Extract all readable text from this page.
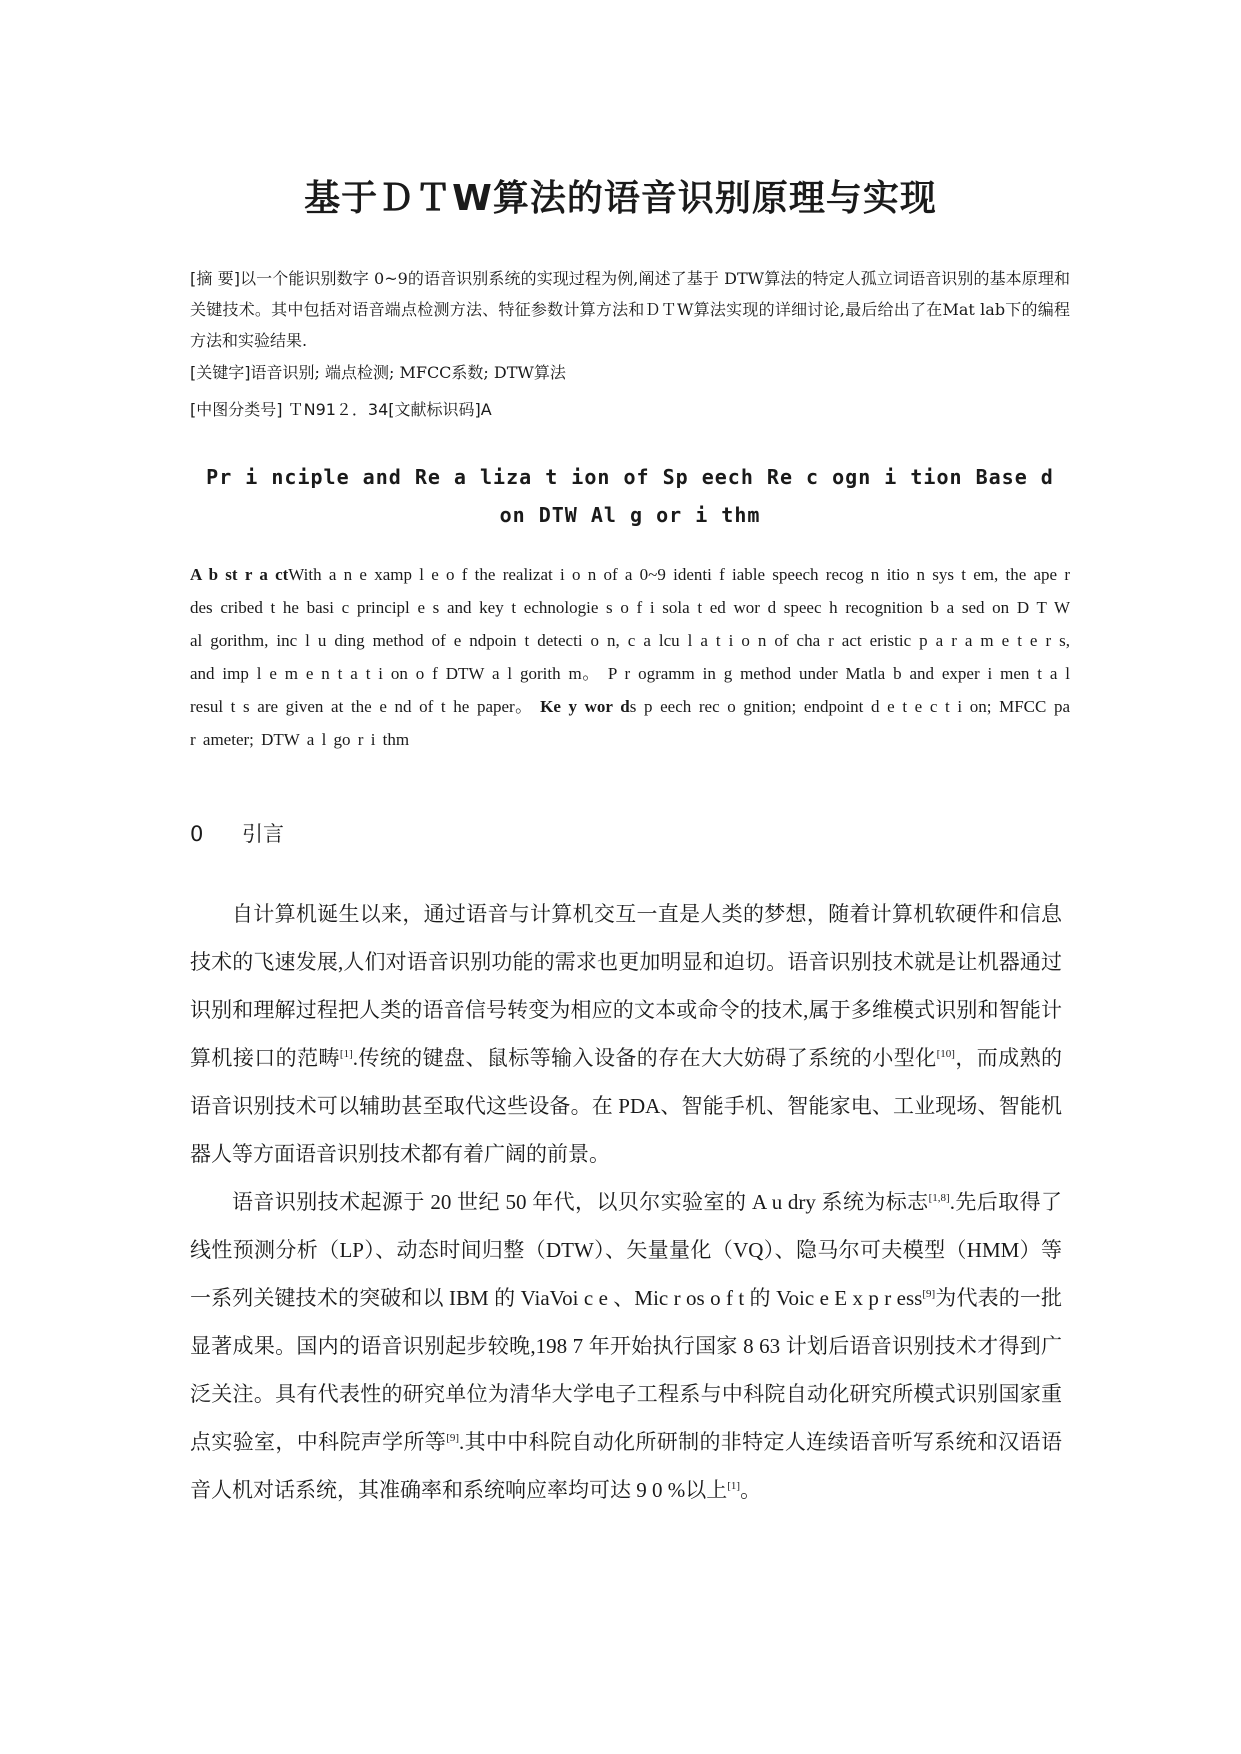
基于ＤＴW算法的语音识别原理与实现
[摘 要]以一个能识别数字 0~9的语音识别系统的实现过程为例,阐述了基于 DTW算法的特定人孤立词语音识别的基本原理和关键技术。其中包括对语音端点检测方法、特征参数计算方法和ＤＴW算法实现的详细讨论,最后给出了在Mat lab下的编程方法和实验结果.
[关键字]语音识别; 端点检测; MFCC系数; DTW算法
[中图分类号] ＴN91２．34[文献标识码]A
Pr i nciple and Re a liza t ion of Sp eech Re c ogn i tion Base d on DTW Al g or i thm
A b st r a ctWith a n e xamp l e o f the realizat i o n of a 0~9 identi f iable speech recog n itio n sys t em, the ape r des cribed t he basi c principl e s and key t echnologie s o f i sola t ed wor d speec h recognition b a sed on D T W al gorithm, inc l u ding method of e ndpoin t detecti o n, c a lcu l a t i o n of cha r act eristic p a r a m e t e r s, and imp l e m e n t a t i on o f DTW a l gorith m。 P r ogramm in g method under Matla b and exper i men t a l resul t s are given at the e nd of t he paper。 Ke y wor ds p eech rec o gnition; endpoint d e t e c t i on; MFCC pa r ameter; DTW a l go r i thm
0 引言

自计算机诞生以来，通过语音与计算机交互一直是人类的梦想，随着计算机软硬件和信息技术的飞速发展,人们对语音识别功能的需求也更加明显和迫切。语音识别技术就是让机器通过识别和理解过程把人类的语音信号转变为相应的文本或命令的技术,属于多维模式识别和智能计算机接口的范畴[1].传统的键盘、鼠标等输入设备的存在大大妨碍了系统的小型化[10]，而成熟的语音识别技术可以辅助甚至取代这些设备。在 PDA、智能手机、智能家电、工业现场、智能机器人等方面语音识别技术都有着广阔的前景。

语音识别技术起源于 20 世纪 50 年代，以贝尔实验室的 A u dry 系统为标志[1,8].先后取得了线性预测分析（LP）、动态时间归整（DTW）、矢量量化（VQ）、隐马尔可夫模型（HMM）等一系列关键技术的突破和以 IBM 的 ViaVoi c e 、Mic r os o f t 的 Voic e E x p r ess[9]为代表的一批显著成果。国内的语音识别起步较晚,198 7 年开始执行国家 8 63 计划后语音识别技术才得到广泛关注。具有代表性的研究单位为清华大学电子工程系与中科院自动化研究所模式识别国家重点实验室，中科院声学所等[9].其中中科院自动化所研制的非特定人连续语音听写系统和汉语语音人机对话系统，其准确率和系统响应率均可达 9 0 %以上[1]。
